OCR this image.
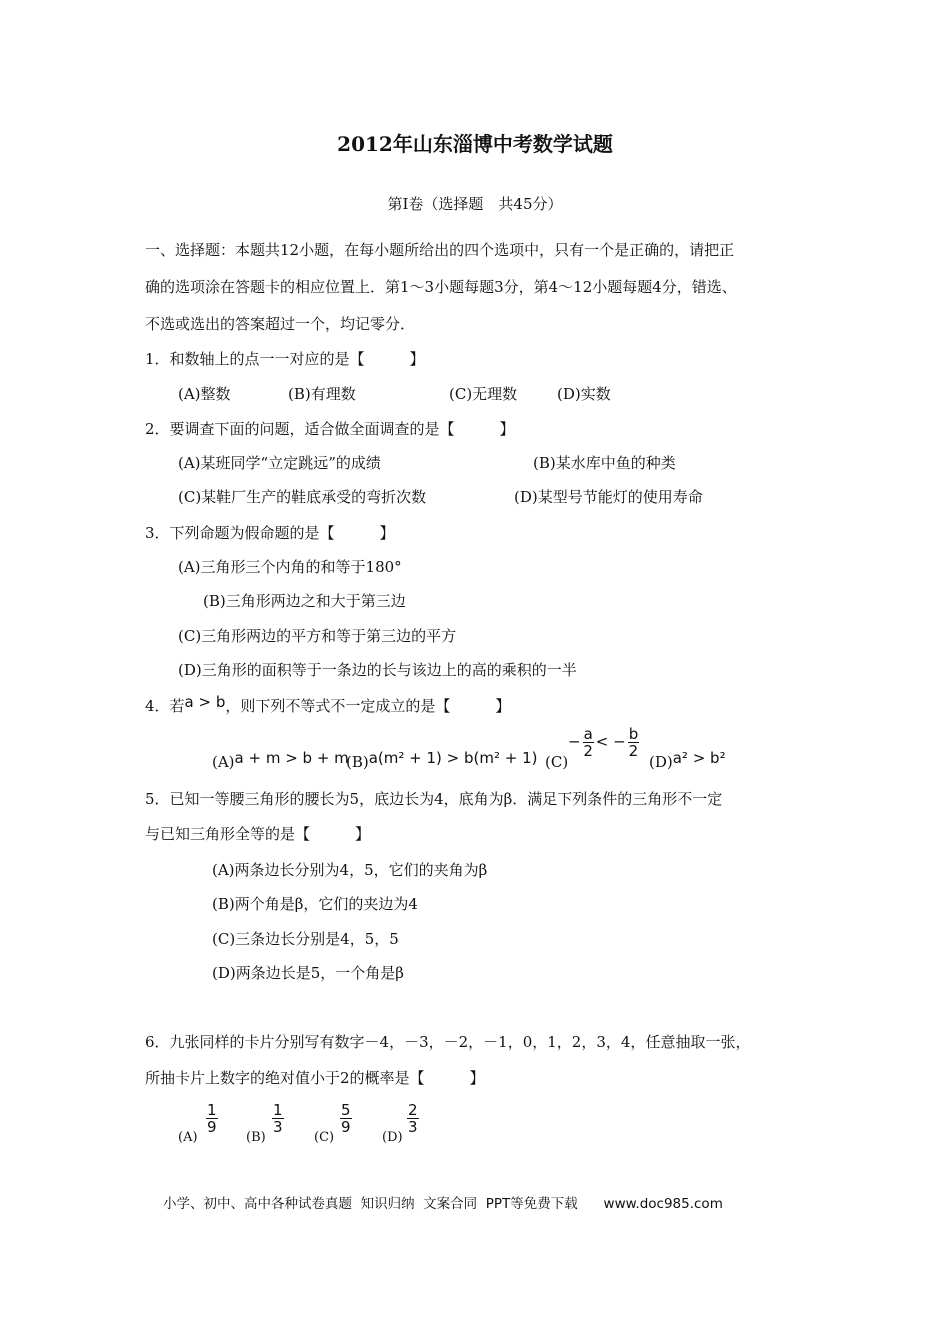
2012年山东淄博中考数学试题
第Ⅰ卷（选择题　共45分）
一、选择题：本题共12小题，在每小题所给出的四个选项中，只有一个是正确的，请把正
确的选项涂在答题卡的相应位置上．第1～3小题每题3分，第4～12小题每题4分，错选、
不选或选出的答案超过一个，均记零分．
1．和数轴上的点一一对应的是【　　　】
(A)整数	(B)有理数	(C)无理数	(D)实数
2．要调查下面的问题，适合做全面调查的是【　　　】
(A)某班同学“立定跳远”的成绩	(B)某水库中鱼的种类
(C)某鞋厂生产的鞋底承受的弯折次数	(D)某型号节能灯的使用寿命
3．下列命题为假命题的是【　　　】
(A)三角形三个内角的和等于180°
(B)三角形两边之和大于第三边
(C)三角形两边的平方和等于第三边的平方
(D)三角形的面积等于一条边的长与该边上的高的乘积的一半
4．若a > b，则下列不等式不一定成立的是【　　　】
(A)a + m > b + m
(B)a(m² + 1) > b(m² + 1) (C)
− $\frac{a}{2}$ < − $\frac{b}{2}$
(D)a² > b²
5．已知一等腰三角形的腰长为5，底边长为4，底角为β．满足下列条件的三角形不一定
与已知三角形全等的是【　　　】
(A)两条边长分别为4，5，它们的夹角为β
(B)两个角是β，它们的夹边为4
(C)三条边长分别是4，5，5
(D)两条边长是5，一个角是β
6．九张同样的卡片分别写有数字－4，－3，－2，－1，0，1，2，3，4，任意抽取一张，
所抽卡片上数字的绝对值小于2的概率是【　　　】
(A)
$\frac{1}{9}$
(B)
$\frac{1}{3}$
(C)
$\frac{5}{9}$
(D)
$\frac{2}{3}$
小学、初中、高中各种试卷真题  知识归纳  文案合同  PPT等免费下载      www.doc985.com
